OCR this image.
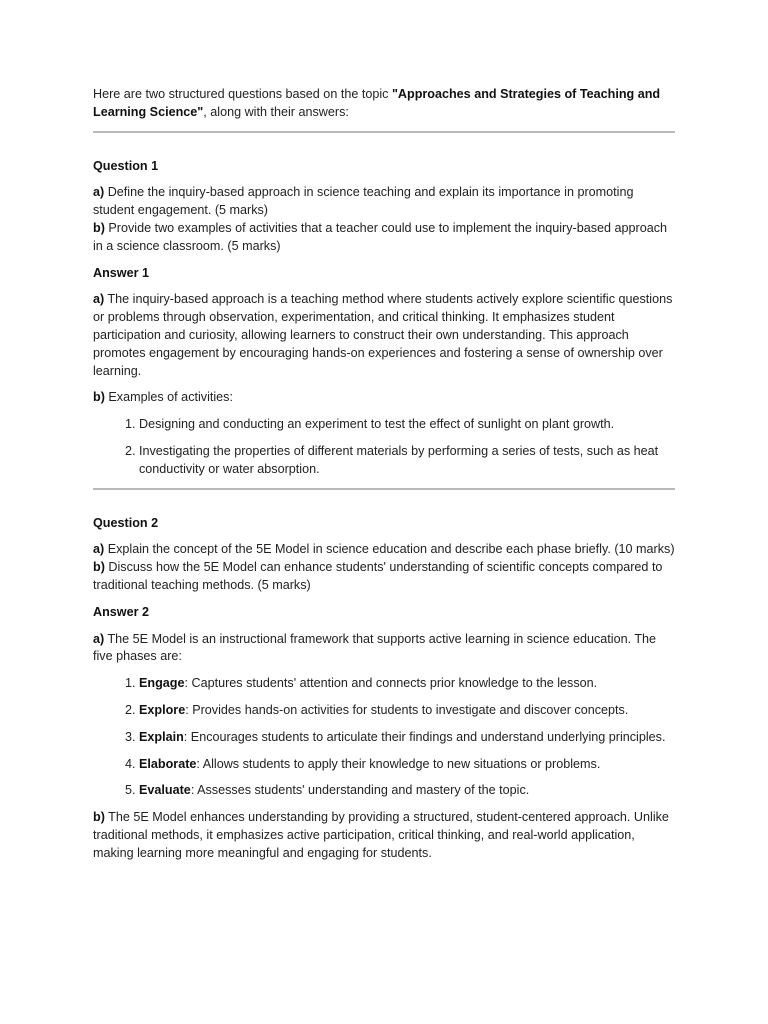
Here are two structured questions based on the topic "Approaches and Strategies of Teaching and Learning Science", along with their answers:

Question 1

a) Define the inquiry-based approach in science teaching and explain its importance in promoting student engagement. (5 marks)
b) Provide two examples of activities that a teacher could use to implement the inquiry-based approach in a science classroom. (5 marks)

Answer 1

a) The inquiry-based approach is a teaching method where students actively explore scientific questions or problems through observation, experimentation, and critical thinking. It emphasizes student participation and curiosity, allowing learners to construct their own understanding. This approach promotes engagement by encouraging hands-on experiences and fostering a sense of ownership over learning.

b) Examples of activities:

1. Designing and conducting an experiment to test the effect of sunlight on plant growth.
2. Investigating the properties of different materials by performing a series of tests, such as heat conductivity or water absorption.
Question 2

a) Explain the concept of the 5E Model in science education and describe each phase briefly. (10 marks)
b) Discuss how the 5E Model can enhance students' understanding of scientific concepts compared to traditional teaching methods. (5 marks)

Answer 2

a) The 5E Model is an instructional framework that supports active learning in science education. The five phases are:

1. Engage: Captures students' attention and connects prior knowledge to the lesson.
2. Explore: Provides hands-on activities for students to investigate and discover concepts.
3. Explain: Encourages students to articulate their findings and understand underlying principles.
4. Elaborate: Allows students to apply their knowledge to new situations or problems.
5. Evaluate: Assesses students' understanding and mastery of the topic.

b) The 5E Model enhances understanding by providing a structured, student-centered approach. Unlike traditional methods, it emphasizes active participation, critical thinking, and real-world application, making learning more meaningful and engaging for students.
